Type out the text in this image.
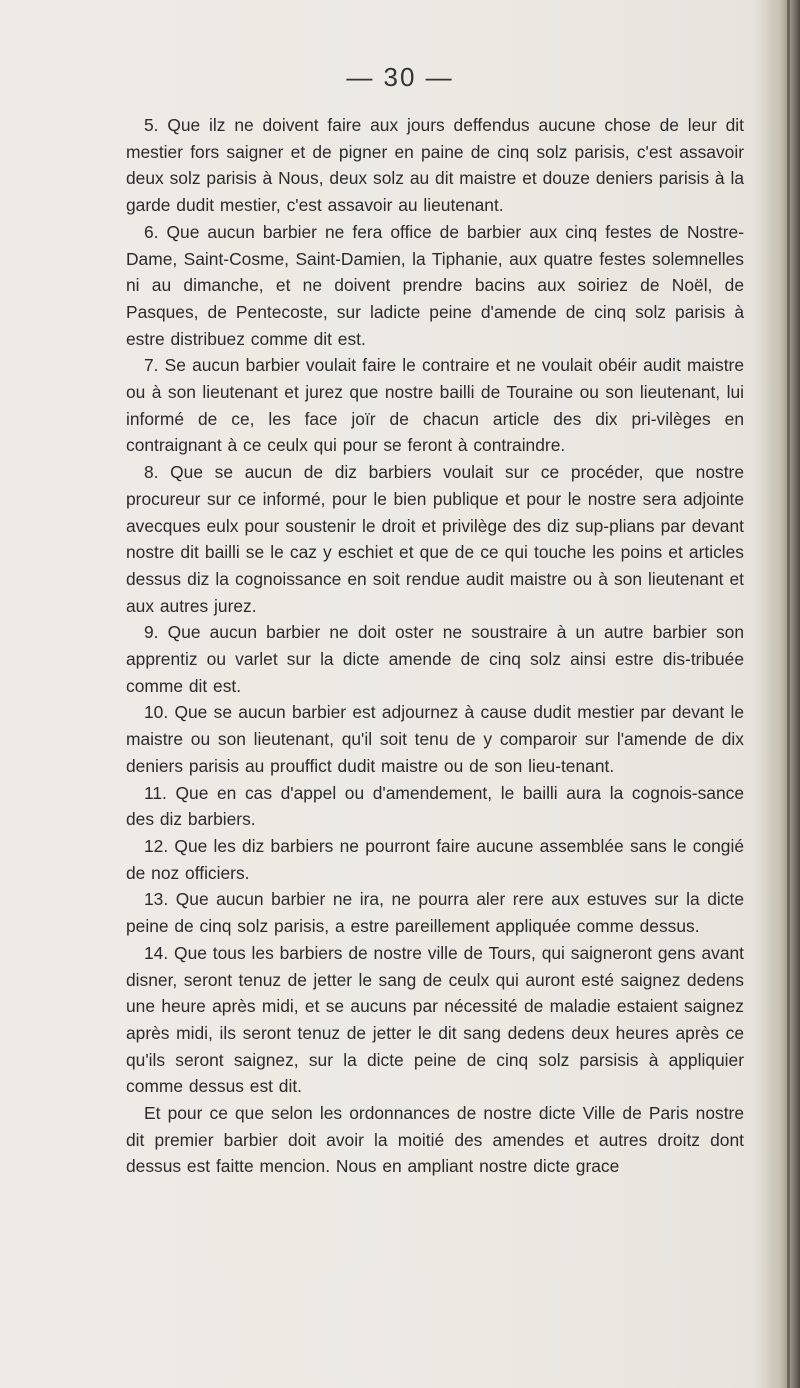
— 30 —

5. Que ilz ne doivent faire aux jours deffendus aucune chose de leur dit mestier fors saigner et de pigner en paine de cinq solz parisis, c'est assavoir deux solz parisis à Nous, deux solz au dit maistre et douze deniers parisis à la garde dudit mestier, c'est assavoir au lieutenant.

6. Que aucun barbier ne fera office de barbier aux cinq festes de Nostre-Dame, Saint-Cosme, Saint-Damien, la Tiphanie, aux quatre festes solemnelles ni au dimanche, et ne doivent prendre bacins aux soiriez de Noël, de Pasques, de Pentecoste, sur ladicte peine d'amende de cinq solz parisis à estre distribuez comme dit est.

7. Se aucun barbier voulait faire le contraire et ne voulait obéir audit maistre ou à son lieutenant et jurez que nostre bailli de Touraine ou son lieutenant, lui informé de ce, les face joïr de chacun article des dix pri-vilèges en contraignant à ce ceulx qui pour se feront à contraindre.

8. Que se aucun de diz barbiers voulait sur ce procéder, que nostre procureur sur ce informé, pour le bien publique et pour le nostre sera adjointe avecques eulx pour soustenir le droit et privilège des diz sup-plians par devant nostre dit bailli se le caz y eschiet et que de ce qui touche les poins et articles dessus diz la cognoissance en soit rendue audit maistre ou à son lieutenant et aux autres jurez.

9. Que aucun barbier ne doit oster ne soustraire à un autre barbier son apprentiz ou varlet sur la dicte amende de cinq solz ainsi estre dis-tribuée comme dit est.

10. Que se aucun barbier est adjournez à cause dudit mestier par devant le maistre ou son lieutenant, qu'il soit tenu de y comparoir sur l'amende de dix deniers parisis au prouffict dudit maistre ou de son lieu-tenant.

11. Que en cas d'appel ou d'amendement, le bailli aura la cognois-sance des diz barbiers.

12. Que les diz barbiers ne pourront faire aucune assemblée sans le congié de noz officiers.

13. Que aucun barbier ne ira, ne pourra aler rere aux estuves sur la dicte peine de cinq solz parisis, a estre pareillement appliquée comme dessus.

14. Que tous les barbiers de nostre ville de Tours, qui saigneront gens avant disner, seront tenuz de jetter le sang de ceulx qui auront esté saignez dedens une heure après midi, et se aucuns par nécessité de maladie estaient saignez après midi, ils seront tenuz de jetter le dit sang dedens deux heures après ce qu'ils seront saignez, sur la dicte peine de cinq solz parsisis à appliquier comme dessus est dit.

Et pour ce que selon les ordonnances de nostre dicte Ville de Paris nostre dit premier barbier doit avoir la moitié des amendes et autres droitz dont dessus est faitte mencion. Nous en ampliant nostre dicte grace
